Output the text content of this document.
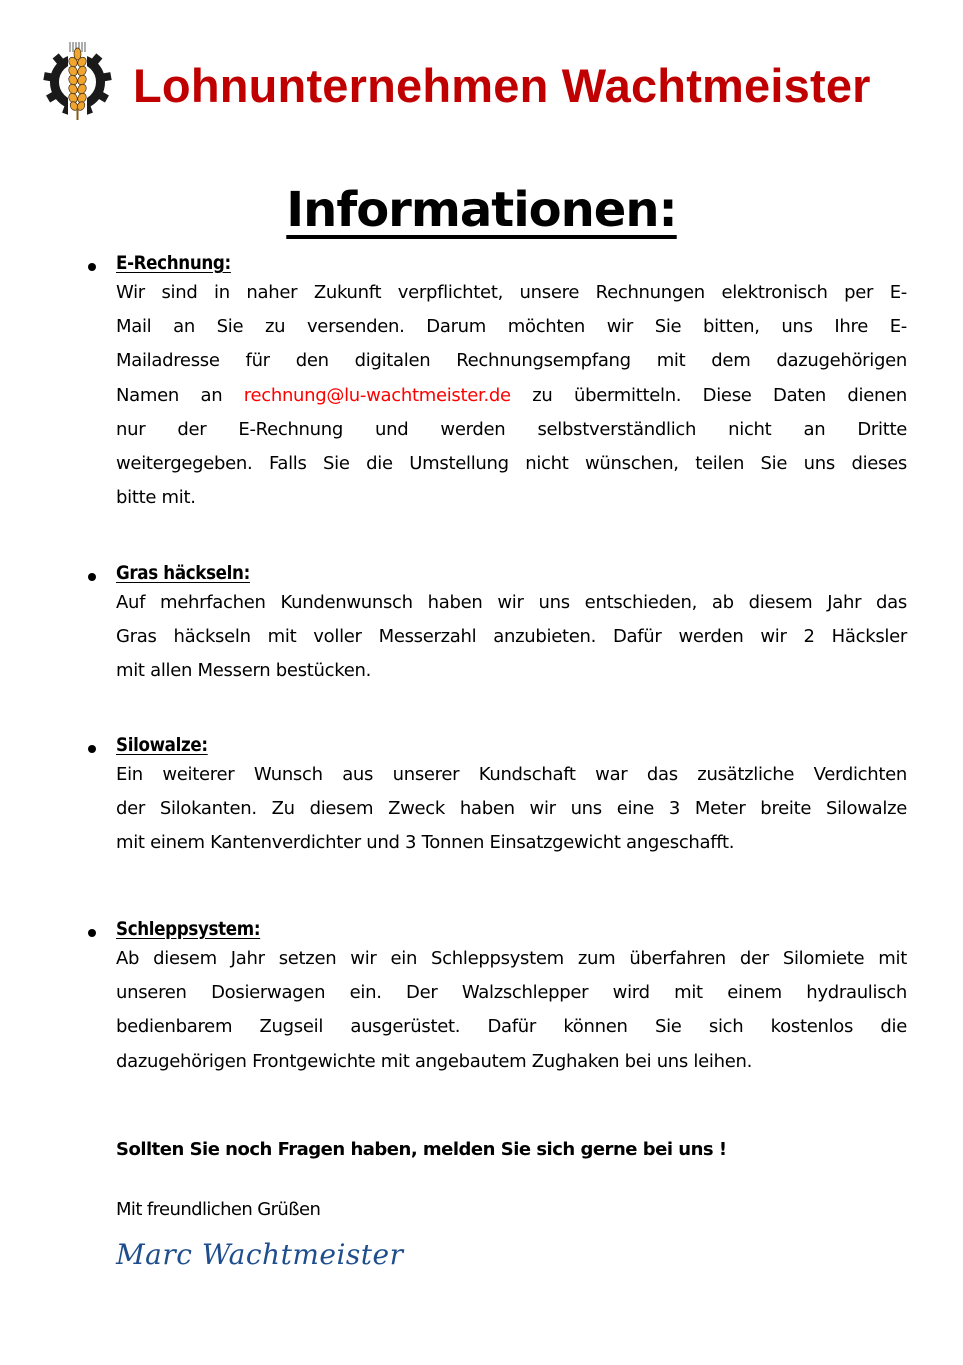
Lohnunternehmen Wachtmeister
Informationen:
E-Rechnung:
Wir sind in naher Zukunft verpflichtet, unsere Rechnungen elektronisch per E-
Mail an Sie zu versenden. Darum möchten wir Sie bitten, uns Ihre E-
Mailadresse für den digitalen Rechnungsempfang mit dem dazugehörigen
Namen an rechnung@lu-wachtmeister.de zu übermitteln. Diese Daten dienen
nur der E-Rechnung und werden selbstverständlich nicht an Dritte
weitergegeben. Falls Sie die Umstellung nicht wünschen, teilen Sie uns dieses
bitte mit.
Gras häckseln:
Auf mehrfachen Kundenwunsch haben wir uns entschieden, ab diesem Jahr das
Gras häckseln mit voller Messerzahl anzubieten. Dafür werden wir 2 Häcksler
mit allen Messern bestücken.
Silowalze:
Ein weiterer Wunsch aus unserer Kundschaft war das zusätzliche Verdichten
der Silokanten. Zu diesem Zweck haben wir uns eine 3 Meter breite Silowalze
mit einem Kantenverdichter und 3 Tonnen Einsatzgewicht angeschafft.
Schleppsystem:
Ab diesem Jahr setzen wir ein Schleppsystem zum überfahren der Silomiete mit
unseren Dosierwagen ein. Der Walzschlepper wird mit einem hydraulisch
bedienbarem Zugseil ausgerüstet. Dafür können Sie sich kostenlos die
dazugehörigen Frontgewichte mit angebautem Zughaken bei uns leihen.
Sollten Sie noch Fragen haben, melden Sie sich gerne bei uns !
Mit freundlichen Grüßen
Marc Wachtmeister
